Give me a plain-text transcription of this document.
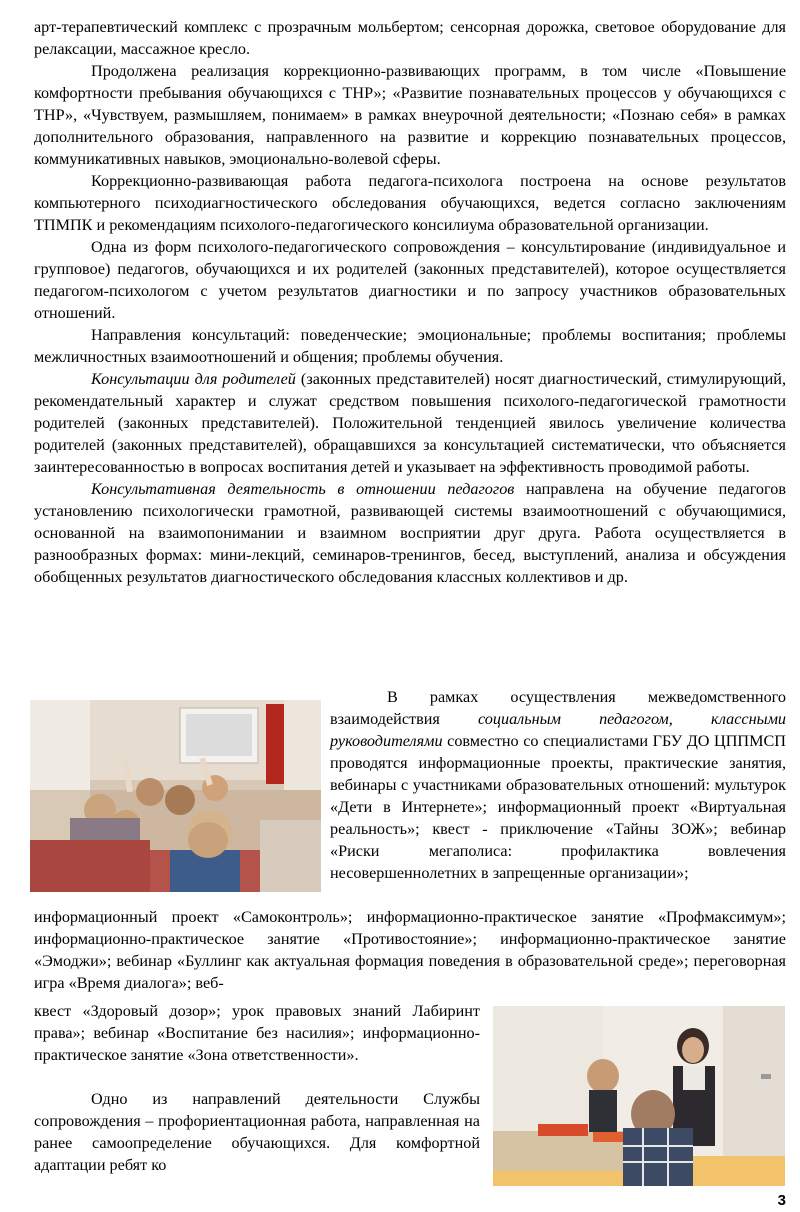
арт-терапевтический комплекс с прозрачным мольбертом; сенсорная дорожка, световое оборудование для релаксации, массажное кресло.

Продолжена реализация коррекционно-развивающих программ, в том числе «Повышение комфортности пребывания обучающихся с ТНР»; «Развитие познавательных процессов у обучающихся с ТНР», «Чувствуем, размышляем, понимаем» в рамках внеурочной деятельности; «Познаю себя» в рамках дополнительного образования, направленного на развитие и коррекцию познавательных процессов, коммуникативных навыков, эмоционально-волевой сферы.

Коррекционно-развивающая работа педагога-психолога построена на основе результатов компьютерного психодиагностического обследования обучающихся, ведется согласно заключениям ТПМПК и рекомендациям психолого-педагогического консилиума образовательной организации.

Одна из форм психолого-педагогического сопровождения – консультирование (индивидуальное и групповое) педагогов, обучающихся и их родителей (законных представителей), которое осуществляется педагогом-психологом с учетом результатов диагностики и по запросу участников образовательных отношений.

Направления консультаций: поведенческие; эмоциональные; проблемы воспитания; проблемы межличностных взаимоотношений и общения; проблемы обучения.

Консультации для родителей (законных представителей) носят диагностический, стимулирующий, рекомендательный характер и служат средством повышения психолого-педагогической грамотности родителей (законных представителей). Положительной тенденцией явилось увеличение количества родителей (законных представителей), обращавшихся за консультацией систематически, что объясняется заинтересованностью в вопросах воспитания детей и указывает на эффективность проводимой работы.

Консультативная деятельность в отношении педагогов направлена на обучение педагогов установлению психологически грамотной, развивающей системы взаимоотношений с обучающимися, основанной на взаимопонимании и взаимном восприятии друг друга. Работа осуществляется в разнообразных формах: мини-лекций, семинаров-тренингов, бесед, выступлений, анализа и обсуждения обобщенных результатов диагностического обследования классных коллективов и др.

В рамках осуществления межведомственного взаимодействия социальным педагогом, классными руководителями совместно со специалистами ГБУ ДО ЦППМСП проводятся информационные проекты, практические занятия, вебинары с участниками образовательных отношений: мультурок «Дети в Интернете»; информационный проект «Виртуальная реальность»; квест - приключение «Тайны ЗОЖ»; вебинар «Риски мегаполиса: профилактика вовлечения несовершеннолетних в запрещенные организации»;
информационный проект «Самоконтроль»; информационно-практическое занятие «Профмаксимум»; информационно-практическое занятие «Противостояние»; информационно-практическое занятие «Эмоджи»; вебинар «Буллинг как актуальная формация поведения в образовательной среде»; переговорная игра «Время диалога»; веб-
квест «Здоровый дозор»; урок правовых знаний Лабиринт права»; вебинар «Воспитание без насилия»; информационно-практическое занятие «Зона ответственности».
Одно из направлений деятельности Службы сопровождения – профориентационная работа, направленная на ранее самоопределение обучающихся. Для комфортной адаптации ребят ко
3
